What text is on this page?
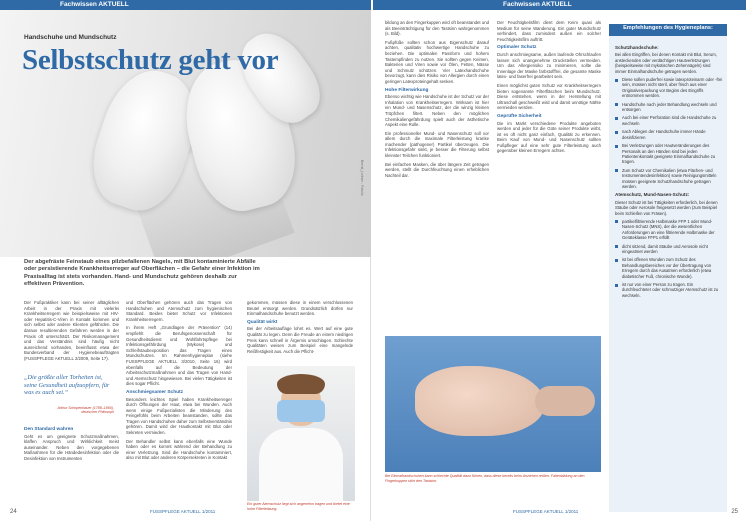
Fachwissen AKTUELL
Bernd_Leitner - Fotolia
Handschuhe und Mundschutz
Selbstschutz geht vor
Der abgefräste Feinstaub eines pilzbefallenen Nagels, mit Blut kontaminierte Abfälle oder persistierende Krankheitserreger auf Oberflächen – die Gefahr einer Infektion im Praxisalltag ist stets vorhanden. Hand- und Mundschutz gehören deshalb zur effektiven Prävention.

Der Fußpraktiker kann bei seiner alltäglichen Arbeit in der Praxis mit vielerlei Krankheitserregern wie beispielsweise mit HIV- oder Hepatitis-C-Viren in Kontakt kommen und sich selbst oder andere Klienten gefährden. Die daraus resultierenden Gefahren werden in der Praxis oft unterschätzt. Der Risikomanagement und das Verständnis sind häufig nicht ausreichend vorhanden, beeinflusst etwa der Bundesverband der Hygienebeauftragten (FUSSPFLEGE AKTUELL 2/2009, Seite 17).

„Die größte aller Torheiten ist, seine Gesundheit aufzuopfern, für was es auch sei.“
Arthur Schopenhauer (1788–1860), deutscher Philosoph
Den Standard wahren

Geht es um geeignete Schutzmaßnahmen, klaffen Anspruch und Wirklichkeit meist auseinander. Neben den vorgegebenen Maßnahmen für die Händedesinfektion oder die Desinfektion von Instrumenten

und Oberflächen gehören auch das Tragen von Handschuhen und Atemschutz zum hygienischen Standard. Beides bietet Schutz vor Infektionen Krankheitserregern.

In ihrem Heft „Grundlagen der Prävention“ (14) empfiehlt die Berufsgenossenschaft für Gesundheitsdienst und Wohlfahrtspflege bei Infektionsgefährdung (Mykose) und Schleifstaubexposition das Tragen eines Mundschutzes. Im Rahmenhygieneplan (siehe FUSSPFLEGE AKTUELL 3/2010, Seite 16) wird ebenfalls auf die Bedeutung der Arbeitsschutzmaßnahmen und das Tragen von Hand- und Atemschutz hingewiesen. Bei vielen Tätigkeiten ist dies sogar Pflicht.

Anschmiegsamer Schutz

Besonders leichtes Spiel haben Krankheitserreger durch Öffnungen der Haut, etwa bei Wunden. Auch wenn einige Fußpezialisten die Minderung des Feingefühls beim Arbeiten beanstanden, sollte das Tragen von Handschuhen daher zum Selbstverständnis gehören. Damit wird der Hautkontakt mit Blut oder Sekreten vermieden.

Der Behandler selbst kann ebenfalls eine Wunde haben oder es kommt während der Behandlung zu einer Verletzung. Sind die Handschuhe kontaminiert, also mit Blut oder anderen Körpersekreten in Kontakt

gekommen, müssen diese in einem verschlossenen Beutel entsorgt werden. Grundsätzlich dürfen nur Einmalhandschuhe benutzt werden.

Qualität wirkt

Bei der Arbeitsauflage lohnt es. Wert auf eine gute Qualität zu legen. Denn die Freude an einem niedrigen Preis kann schnell in Ärgernis umschlagen. Schlechte Qualitäten weisen zum Beispiel eine mangelnde Reißfestigkeit aus. Auch die Pflicht-

Ein guter Atemschutz liegt sich angenehm tragen und bietet eine hohe Filterleistung.
FUSSPFLEGE AKTUELL 1/2011
24
Fachwissen AKTUELL

bildung an den Fingerkuppen wird oft beanstandet und als Beeinträchtigung für den Tastsinn wahrgenommen (s. Bild).

Fußpfüße sollten schon aus Eigenschutz darauf achten, qualitativ hochwertige Handschuhe zu beziehen. Die optimalen Passform und hohem Tastempfinden zu nutzen. Sie sollten gegen Keimen, Bakterien und Viren sowie vor Ölen, Fetten, Nässe und Schmutz schützen. Vier Latexhandschuhe bevorzugt, kann dies Risiko von Allergien durch einen geringen Latexproteingehalt senken.

Hohe Filterwirkung

Ebenso wichtig wie Handschuhe ist der Schutz vor der Inhalation von Krankheitserregern. Wirksam ist hier ein Mund- und Nasenschutz, der die winzig kleinen Tröpfchen filtert. Neben den möglichen Chemikaliengefährdung spielt auch der ästhetische Aspekt eine Rolle.

Ein professioneller Mund- und Nasenschutz soll vor allem durch die maximale Filterleistung kranke machender (pathogener) Partikel überzeugen. Die Infektionsgefahr sinkt, je besser die Filterung selbst kleinster Teilchen funktioniert.

Bei einfachen Masken, die über längere Zeit getragen werden, stellt die Durchfeuchtung einen erheblichen Nachteil dar.

Der Feuchtigkeitsfilm dient dem Keim quasi als Medium für seine Wanderung. Ein guter Mundschutz verhindert, dass zumindest außen ein solcher Feuchtigkeitsfilm auftritt.

Optimaler Schutz

Durch anschmiegsame, außen laufende Ohrschlaufen lassen sich unangenehme Druckstellen vermeiden. Um das Allergierisiko zu minimieren, sollte die Innenlage der Maske farbstofffrei, die gesamte Maske latex- und faserfrei gearbeitet sein.

Einen möglichst guten Schutz vor Krankheitserregern bieten sogenannte Filterfläschen beim Mundschutz. Diese entstehen, wenn in der Herstellung mit Ultraschall geschweißt wird und damit unnötige Nähte vermieden werden.

Geprüfte Sicherheit

Die im Markt verschiedene Produkte angeboten werden und jeder für die Güte seiner Produkte wirbt, ist es oft nicht ganz einfach, Qualität zu erkennen. Beim Kauf von Mund- und Nasenschutz sollten Fußpfleger auf eine sehr gute Filterleistung auch gegenüber kleinen Erregern achten.

Bei Einmalhandschuhen kann schlechte Qualität dazu führen, dass diese bereits beim Anziehen reißen. Faltenbildung an den Fingerkuppen stört den Tastsinn.
Empfehlungen des Hygieneplans:
Schutzhandschuhe:

Bei allen Eingriffen, bei denen Kontakt mit Blut, Serum, ansteckenden oder verdächtigen Hautverletzungen (beispielsweise mit mykotischen Zehennägeln) sind immer Einmalhandschuhe getragen werden.

Diese sollen puderfrei sowie latexproteinarm oder -frei sein, müssen nicht steril, aber frisch aus einer Originalverpackung vor Beginn des Eingriffs entnommen werden.
Handschuhe nach jeder Behandlung wechseln und entsorgen
Auch bei einer Perforation sind die Handschuhe zu wechseln
nach Ablegen der Handschuhe immer Hände desinfizieren
Bei Verletzungen oder Hautveränderungen des Personals an den Händen sind bei jeden Patientenkontakt geeignete Einmalhandschuhe zu tragen.
Zum Schutz vor Chemikalien (etwa Flächen- und Instrumentendesinfektion) sowie Reinigungsmitteln müssen geeignete Schutzhandschuhe getragen werden.
Atemschutz, Mund-Nasen-Schutz:

Dieser Schutz ist bei Tätigkeiten erforderlich, bei denen Stäube oder Aerosole freigesetzt werden (zum Beispiel beim Schleifen von Fräsen).

partikelfiltrierende Halbmaske FFP 1 oder Mund-Nasen-Schutz (MNS), der die wesentlichen Anforderungen an eine filtrierende Halbmaske der Geräteklasse FFP1 erfüllt
dicht sitzend, damit Stäube und Aerosole nicht eingeatmet werden
ist bei offenen Wunden zum Schutz des Behandlungsbereiches vor der Übertragung von Erregern durch das Ausatmen erforderlich (etwa diabetischer Fuß, chronische Wunde).
ist nur von einer Person zu tragen. Ein durchfeuchteter oder schmutziger Atemschutz ist zu wechseln.
FUSSPFLEGE AKTUELL 1/2011	25
